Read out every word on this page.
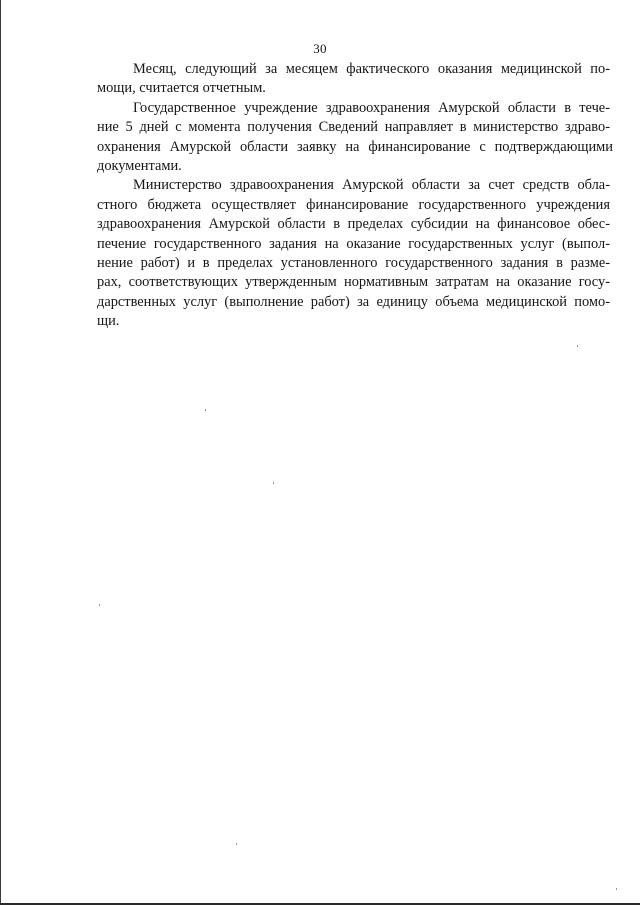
30

Месяц, следующий за месяцем фактического оказания медицинской по-
мощи, считается отчетным.

Государственное учреждение здравоохранения Амурской области в тече-
ние 5 дней с момента получения Сведений направляет в министерство здраво-
охранения Амурской области заявку на финансирование с подтверждающими
документами.

Министерство здравоохранения Амурской области за счет средств обла-
стного бюджета осуществляет финансирование государственного учреждения
здравоохранения Амурской области в пределах субсидии на финансовое обес-
печение государственного задания на оказание государственных услуг (выпол-
нение работ) и в пределах установленного государственного задания в разме-
рах, соответствующих утвержденным нормативным затратам на оказание госу-
дарственных услуг (выполнение работ) за единицу объема медицинской помо-
щи.
